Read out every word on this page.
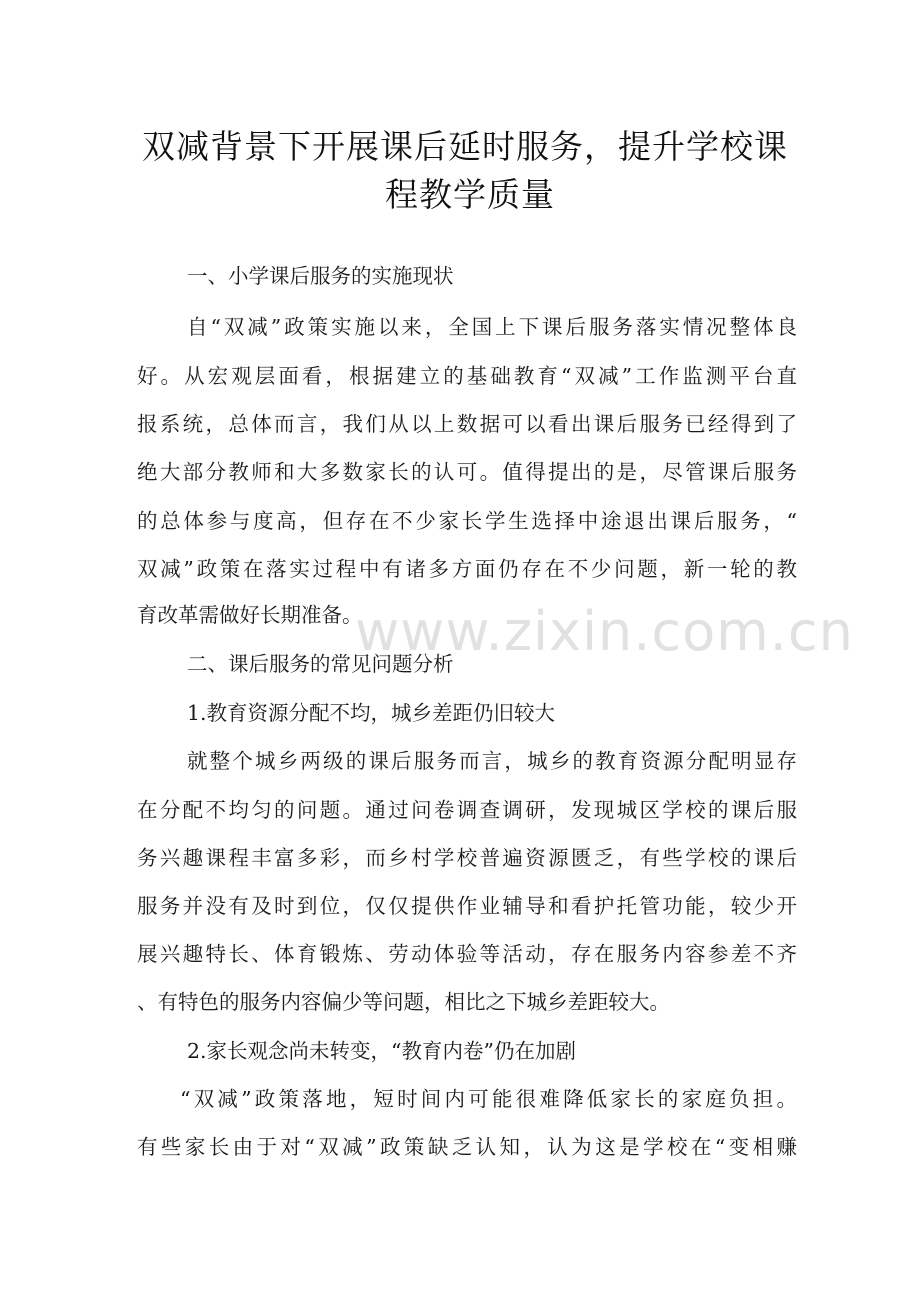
双减背景下开展课后延时服务，提升学校课
程教学质量
一、小学课后服务的实施现状
自“双减”政策实施以来，全国上下课后服务落实情况整体良
好。从宏观层面看，根据建立的基础教育“双减”工作监测平台直
报系统，总体而言，我们从以上数据可以看出课后服务已经得到了
绝大部分教师和大多数家长的认可。值得提出的是，尽管课后服务
的总体参与度高，但存在不少家长学生选择中途退出课后服务，“
双减”政策在落实过程中有诸多方面仍存在不少问题，新一轮的教
育改革需做好长期准备。
二、课后服务的常见问题分析
1.教育资源分配不均，城乡差距仍旧较大
就整个城乡两级的课后服务而言，城乡的教育资源分配明显存
在分配不均匀的问题。通过问卷调查调研，发现城区学校的课后服
务兴趣课程丰富多彩，而乡村学校普遍资源匮乏，有些学校的课后
服务并没有及时到位，仅仅提供作业辅导和看护托管功能，较少开
展兴趣特长、体育锻炼、劳动体验等活动，存在服务内容参差不齐
、有特色的服务内容偏少等问题，相比之下城乡差距较大。
2.家长观念尚未转变，“教育内卷”仍在加剧
“双减”政策落地，短时间内可能很难降低家长的家庭负担。
有些家长由于对“双减”政策缺乏认知，认为这是学校在“变相赚
www.zixin.com.cn
